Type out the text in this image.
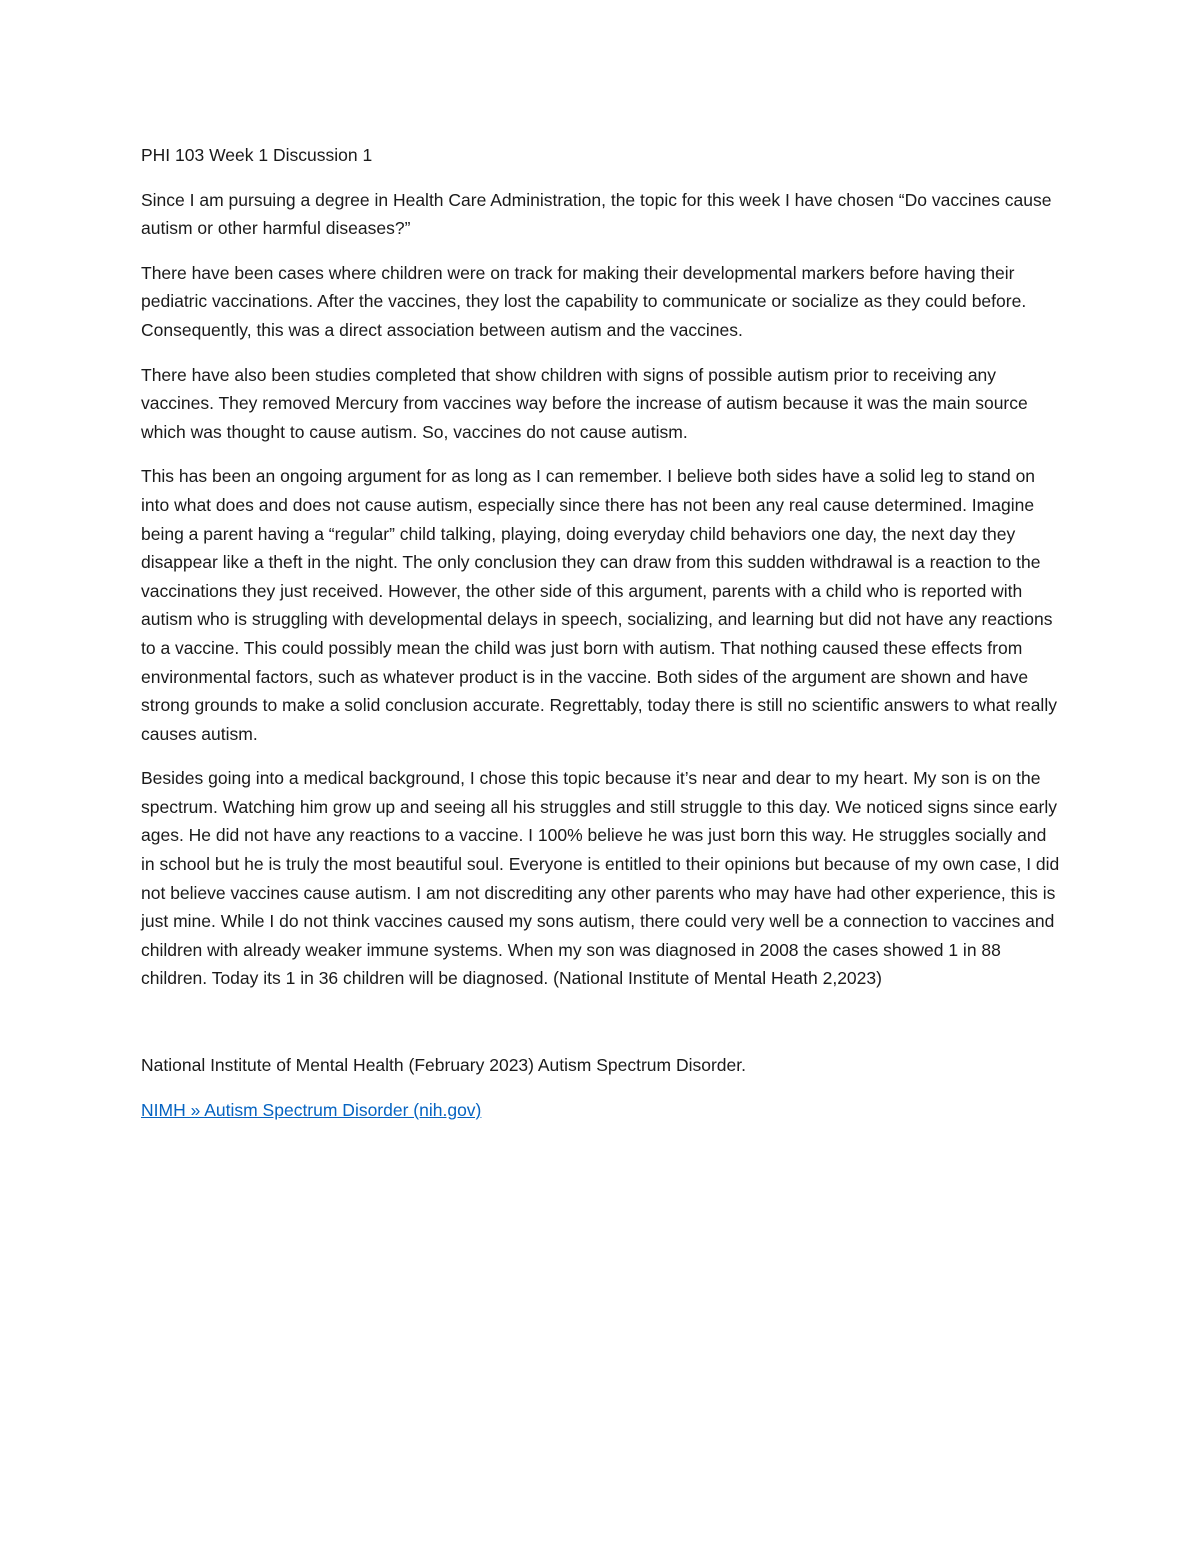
PHI 103 Week 1 Discussion 1

Since I am pursuing a degree in Health Care Administration, the topic for this week I have chosen “Do vaccines cause autism or other harmful diseases?”

There have been cases where children were on track for making their developmental markers before having their pediatric vaccinations. After the vaccines, they lost the capability to communicate or socialize as they could before. Consequently, this was a direct association between autism and the vaccines.

There have also been studies completed that show children with signs of possible autism prior to receiving any vaccines. They removed Mercury from vaccines way before the increase of autism because it was the main source which was thought to cause autism. So, vaccines do not cause autism.

This has been an ongoing argument for as long as I can remember. I believe both sides have a solid leg to stand on into what does and does not cause autism, especially since there has not been any real cause determined. Imagine being a parent having a “regular” child talking, playing, doing everyday child behaviors one day, the next day they disappear like a theft in the night. The only conclusion they can draw from this sudden withdrawal is a reaction to the vaccinations they just received. However, the other side of this argument, parents with a child who is reported with autism who is struggling with developmental delays in speech, socializing, and learning but did not have any reactions to a vaccine. This could possibly mean the child was just born with autism. That nothing caused these effects from environmental factors, such as whatever product is in the vaccine. Both sides of the argument are shown and have strong grounds to make a solid conclusion accurate. Regrettably, today there is still no scientific answers to what really causes autism.

Besides going into a medical background, I chose this topic because it’s near and dear to my heart. My son is on the spectrum. Watching him grow up and seeing all his struggles and still struggle to this day. We noticed signs since early ages. He did not have any reactions to a vaccine. I 100% believe he was just born this way. He struggles socially and in school but he is truly the most beautiful soul. Everyone is entitled to their opinions but because of my own case, I did not believe vaccines cause autism. I am not discrediting any other parents who may have had other experience, this is just mine. While I do not think vaccines caused my sons autism, there could very well be a connection to vaccines and children with already weaker immune systems. When my son was diagnosed in 2008 the cases showed 1 in 88 children. Today its 1 in 36 children will be diagnosed. (National Institute of Mental Heath 2,2023)

National Institute of Mental Health (February 2023) Autism Spectrum Disorder.

NIMH » Autism Spectrum Disorder (nih.gov)
